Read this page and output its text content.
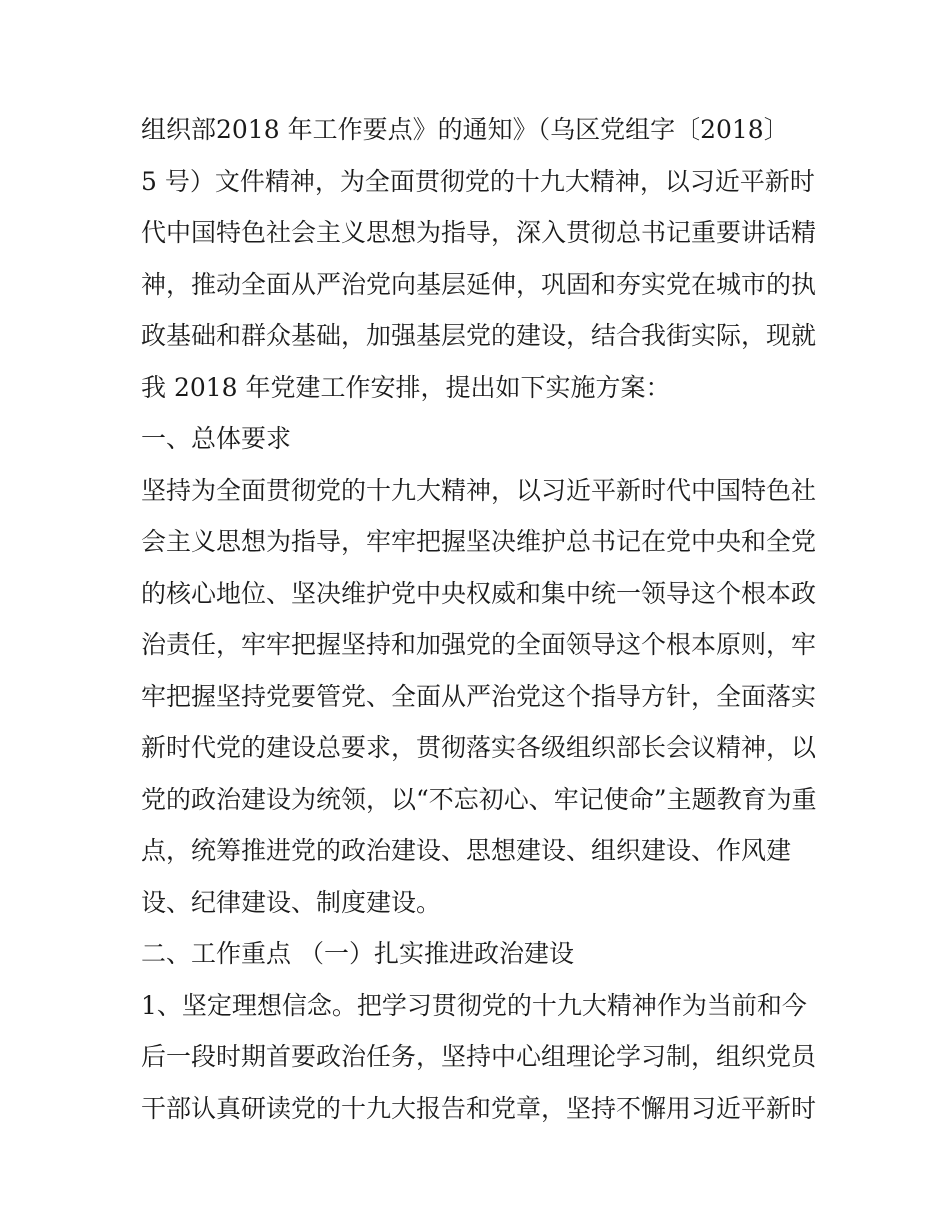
组织部2018 年工作要点》的通知》（乌区党组字〔2018〕
5 号）文件精神，为全面贯彻党的十九大精神，以习近平新时
代中国特色社会主义思想为指导，深入贯彻总书记重要讲话精
神，推动全面从严治党向基层延伸，巩固和夯实党在城市的执
政基础和群众基础，加强基层党的建设，结合我街实际，现就
我 2018 年党建工作安排，提出如下实施方案：
一、总体要求
坚持为全面贯彻党的十九大精神，以习近平新时代中国特色社
会主义思想为指导，牢牢把握坚决维护总书记在党中央和全党
的核心地位、坚决维护党中央权威和集中统一领导这个根本政
治责任，牢牢把握坚持和加强党的全面领导这个根本原则，牢
牢把握坚持党要管党、全面从严治党这个指导方针，全面落实
新时代党的建设总要求，贯彻落实各级组织部长会议精神，以
党的政治建设为统领，以“不忘初心、牢记使命”主题教育为重
点，统筹推进党的政治建设、思想建设、组织建设、作风建
设、纪律建设、制度建设。
二、工作重点 （一）扎实推进政治建设
1、坚定理想信念。把学习贯彻党的十九大精神作为当前和今
后一段时期首要政治任务，坚持中心组理论学习制，组织党员
干部认真研读党的十九大报告和党章，坚持不懈用习近平新时
